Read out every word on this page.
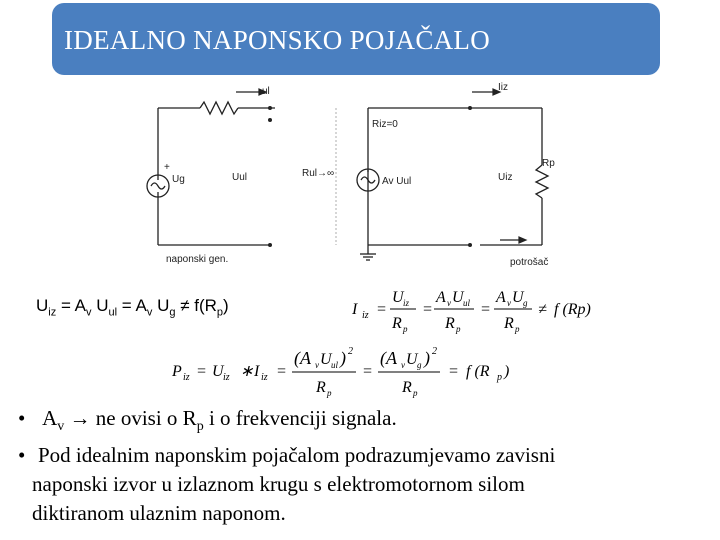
IDEALNO NAPONSKO POJAČALO
+
Ug	Uul
ul
Riz=0
Rul→∞
Av Uul
Iiz
Uiz
Rp
naponski gen.	potrošač
$U_{iz} = A_v$ $U_{ul} = A_v$ $U_g \ne f(R_p)$	I iz =
U iz
R p
=
A v U ul
R p
=
A v U g
R p
≠ f (Rp)
P iz = U iz ∗ I iz =
(A v U ul ) 2
R p
=
(A v U g ) 2
R p
= f (R p )
• $A_v$ → ne ovisi o $R_p$ i o frekvenciji signala.
• Pod idealnim naponskim pojačalom podrazumjevamo zavisni
naponski izvor u izlaznom krugu s elektromotornom silom
diktiranom ulaznim naponom.
